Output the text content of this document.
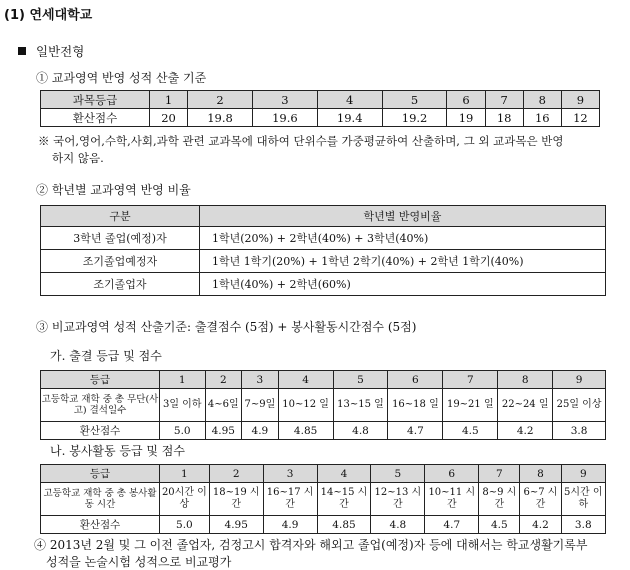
(1) 연세대학교
일반전형
① 교과영역 반영 성적 산출 기준
과목등급	1	2	3	4	5	6	7	8	9
환산점수	20	19.8	19.6	19.4	19.2	19	18	16	12
※ 국어,영어,수학,사회,과학 관련 교과목에 대하여 단위수를 가중평균하여 산출하며, 그 외 교과목은 반영
하지 않음.
② 학년별 교과영역 반영 비율
구분	학년별 반영비율
3학년 졸업(예정)자	1학년(20%) + 2학년(40%) + 3학년(40%)
조기졸업예정자	1학년 1학기(20%) + 1학년 2학기(40%) + 2학년 1학기(40%)
조기졸업자	1학년(40%) + 2학년(60%)
③ 비교과영역 성적 산출기준: 출결점수 (5점) + 봉사활동시간점수 (5점)
가. 출결 등급 및 점수
등급	1	2	3	4	5	6	7	8	9
고등학교 재학 중 총 무단(사고) 결석일수	3일 이하	4~6일	7~9일	10~12 일	13~15 일	16~18 일	19~21 일	22~24 일	25일 이상
환산점수	5.0	4.95	4.9	4.85	4.8	4.7	4.5	4.2	3.8
나. 봉사활동 등급 및 점수
등급	1	2	3	4	5	6	7	8	9
고등학교 재학 중 총 봉사활동 시간	20시간 이상	18~19 시간	16~17 시간	14~15 시간	12~13 시간	10~11 시간	8~9 시간	6~7 시간	5시간 이하
환산점수	5.0	4.95	4.9	4.85	4.8	4.7	4.5	4.2	3.8
④ 2013년 2월 및 그 이전 졸업자, 검정고시 합격자와 해외고 졸업(예정)자 등에 대해서는 학교생활기록부
성적을 논술시험 성적으로 비교평가
